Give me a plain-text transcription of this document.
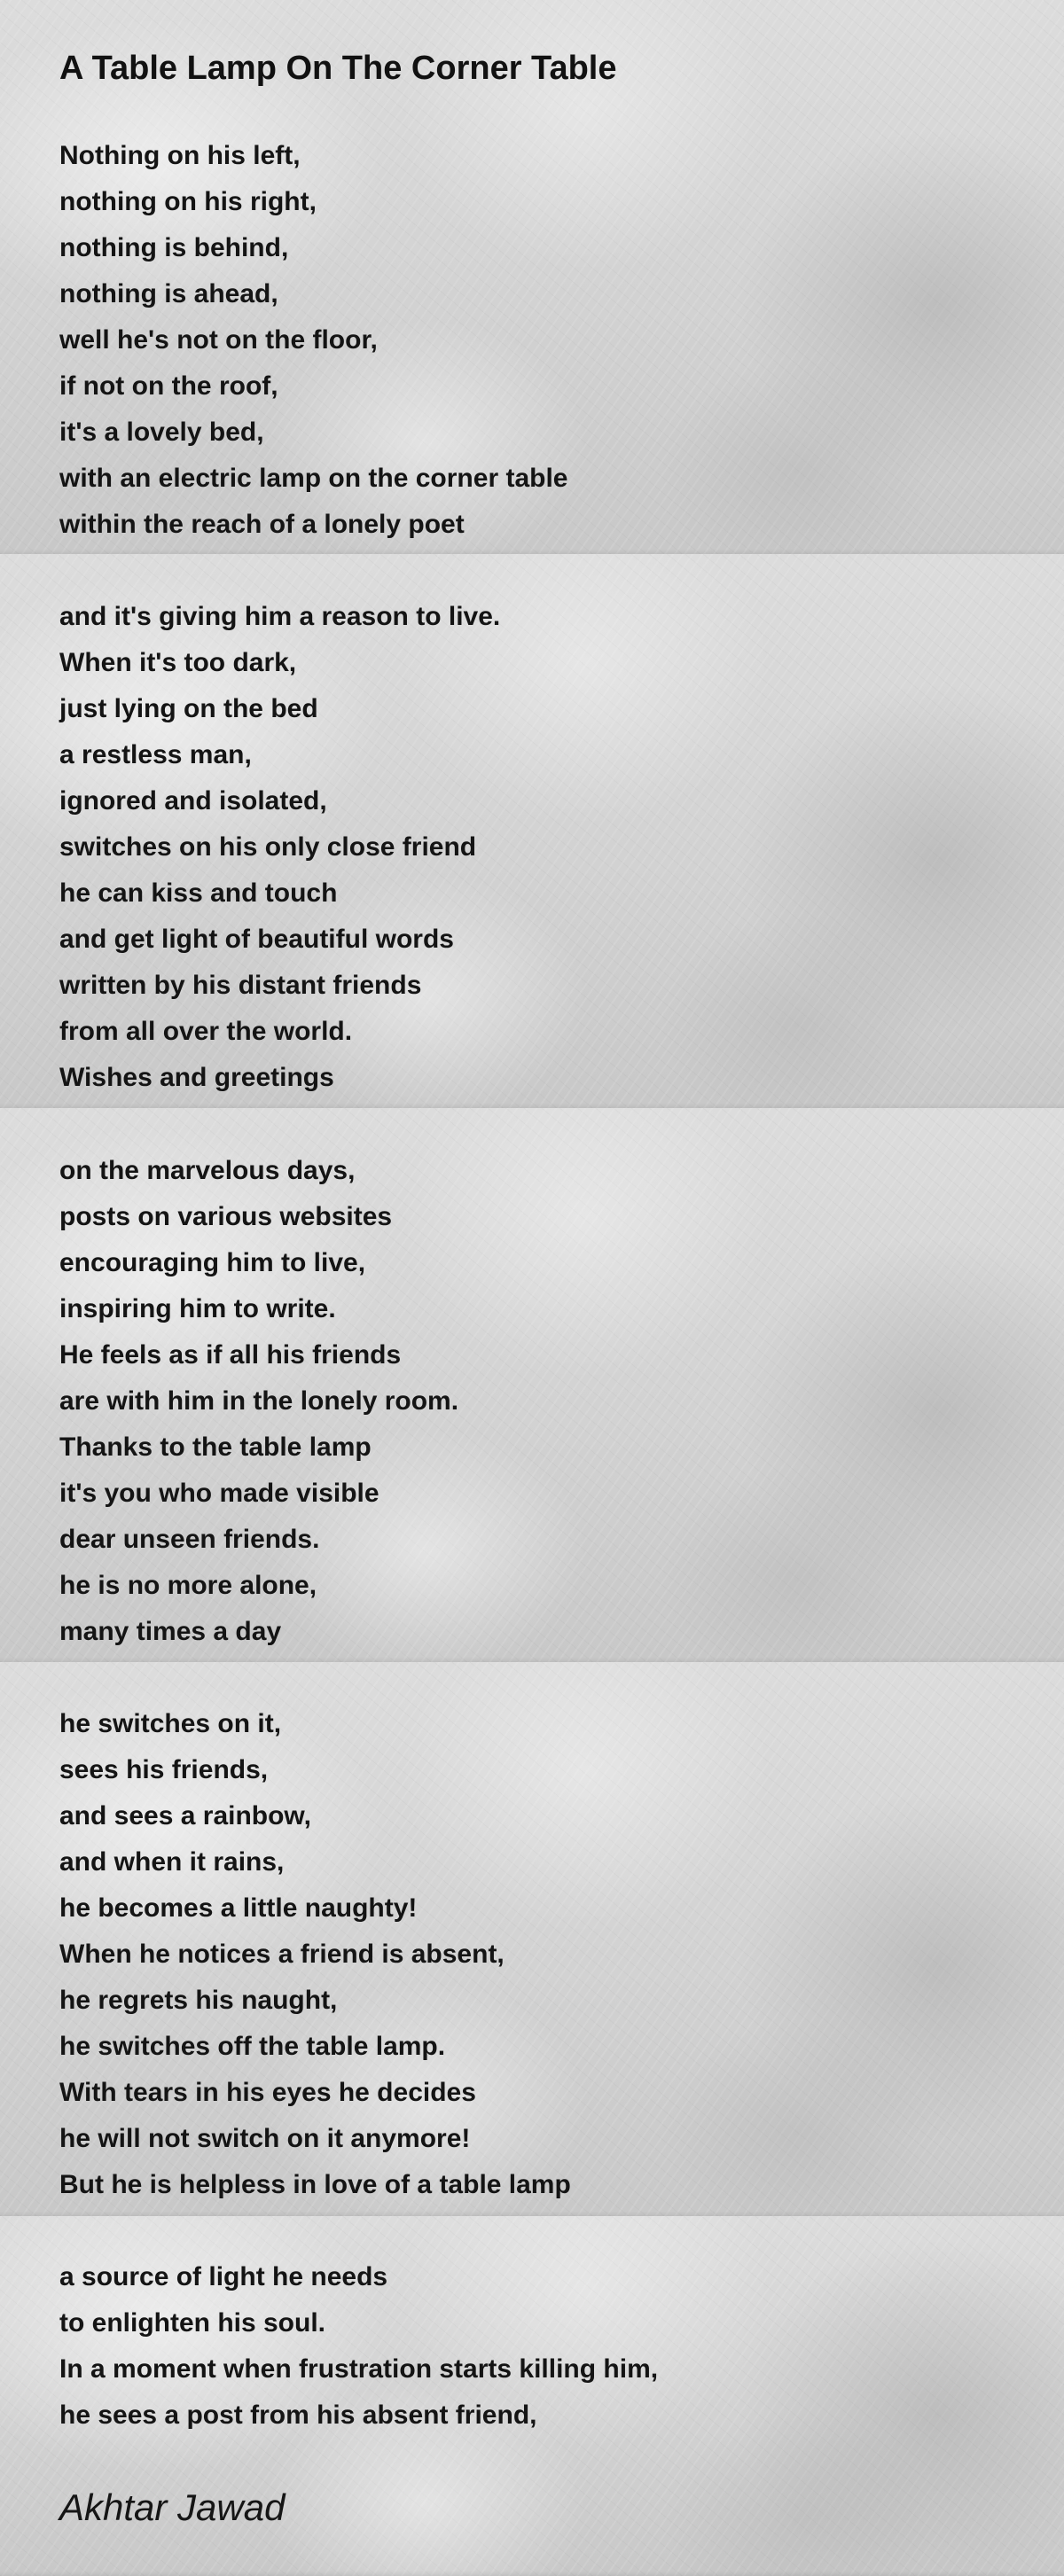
A Table Lamp On The Corner Table
Nothing on his left,
nothing on his right,
nothing is behind,
nothing is ahead,
well he's not on the floor,
if not on the roof,
it's a lovely bed,
with an electric lamp on the corner table
within the reach of a lonely poet
and it's giving him a reason to live.
When it's too dark,
just lying on the bed
a restless man,
ignored and isolated,
switches on his only close friend
he can kiss and touch
and get light of beautiful words
written by his distant friends
from all over the world.
Wishes and greetings
on the marvelous days,
posts on various websites
encouraging him to live,
inspiring him to write.
He feels as if all his friends
are with him in the lonely room.
Thanks to the table lamp
it's you who made visible
dear unseen friends.
he is no more alone,
many times a day
he switches on it,
sees his friends,
and sees a rainbow,
and when it rains,
he becomes a little naughty!
When he notices a friend is absent,
he regrets his naught,
he switches off the table lamp.
With tears in his eyes he decides
he will not switch on it anymore!
But he is helpless in love of a table lamp
a source of light he needs
to enlighten his soul.
In a moment when frustration starts killing him,
he sees a post from his absent friend,

Akhtar Jawad
